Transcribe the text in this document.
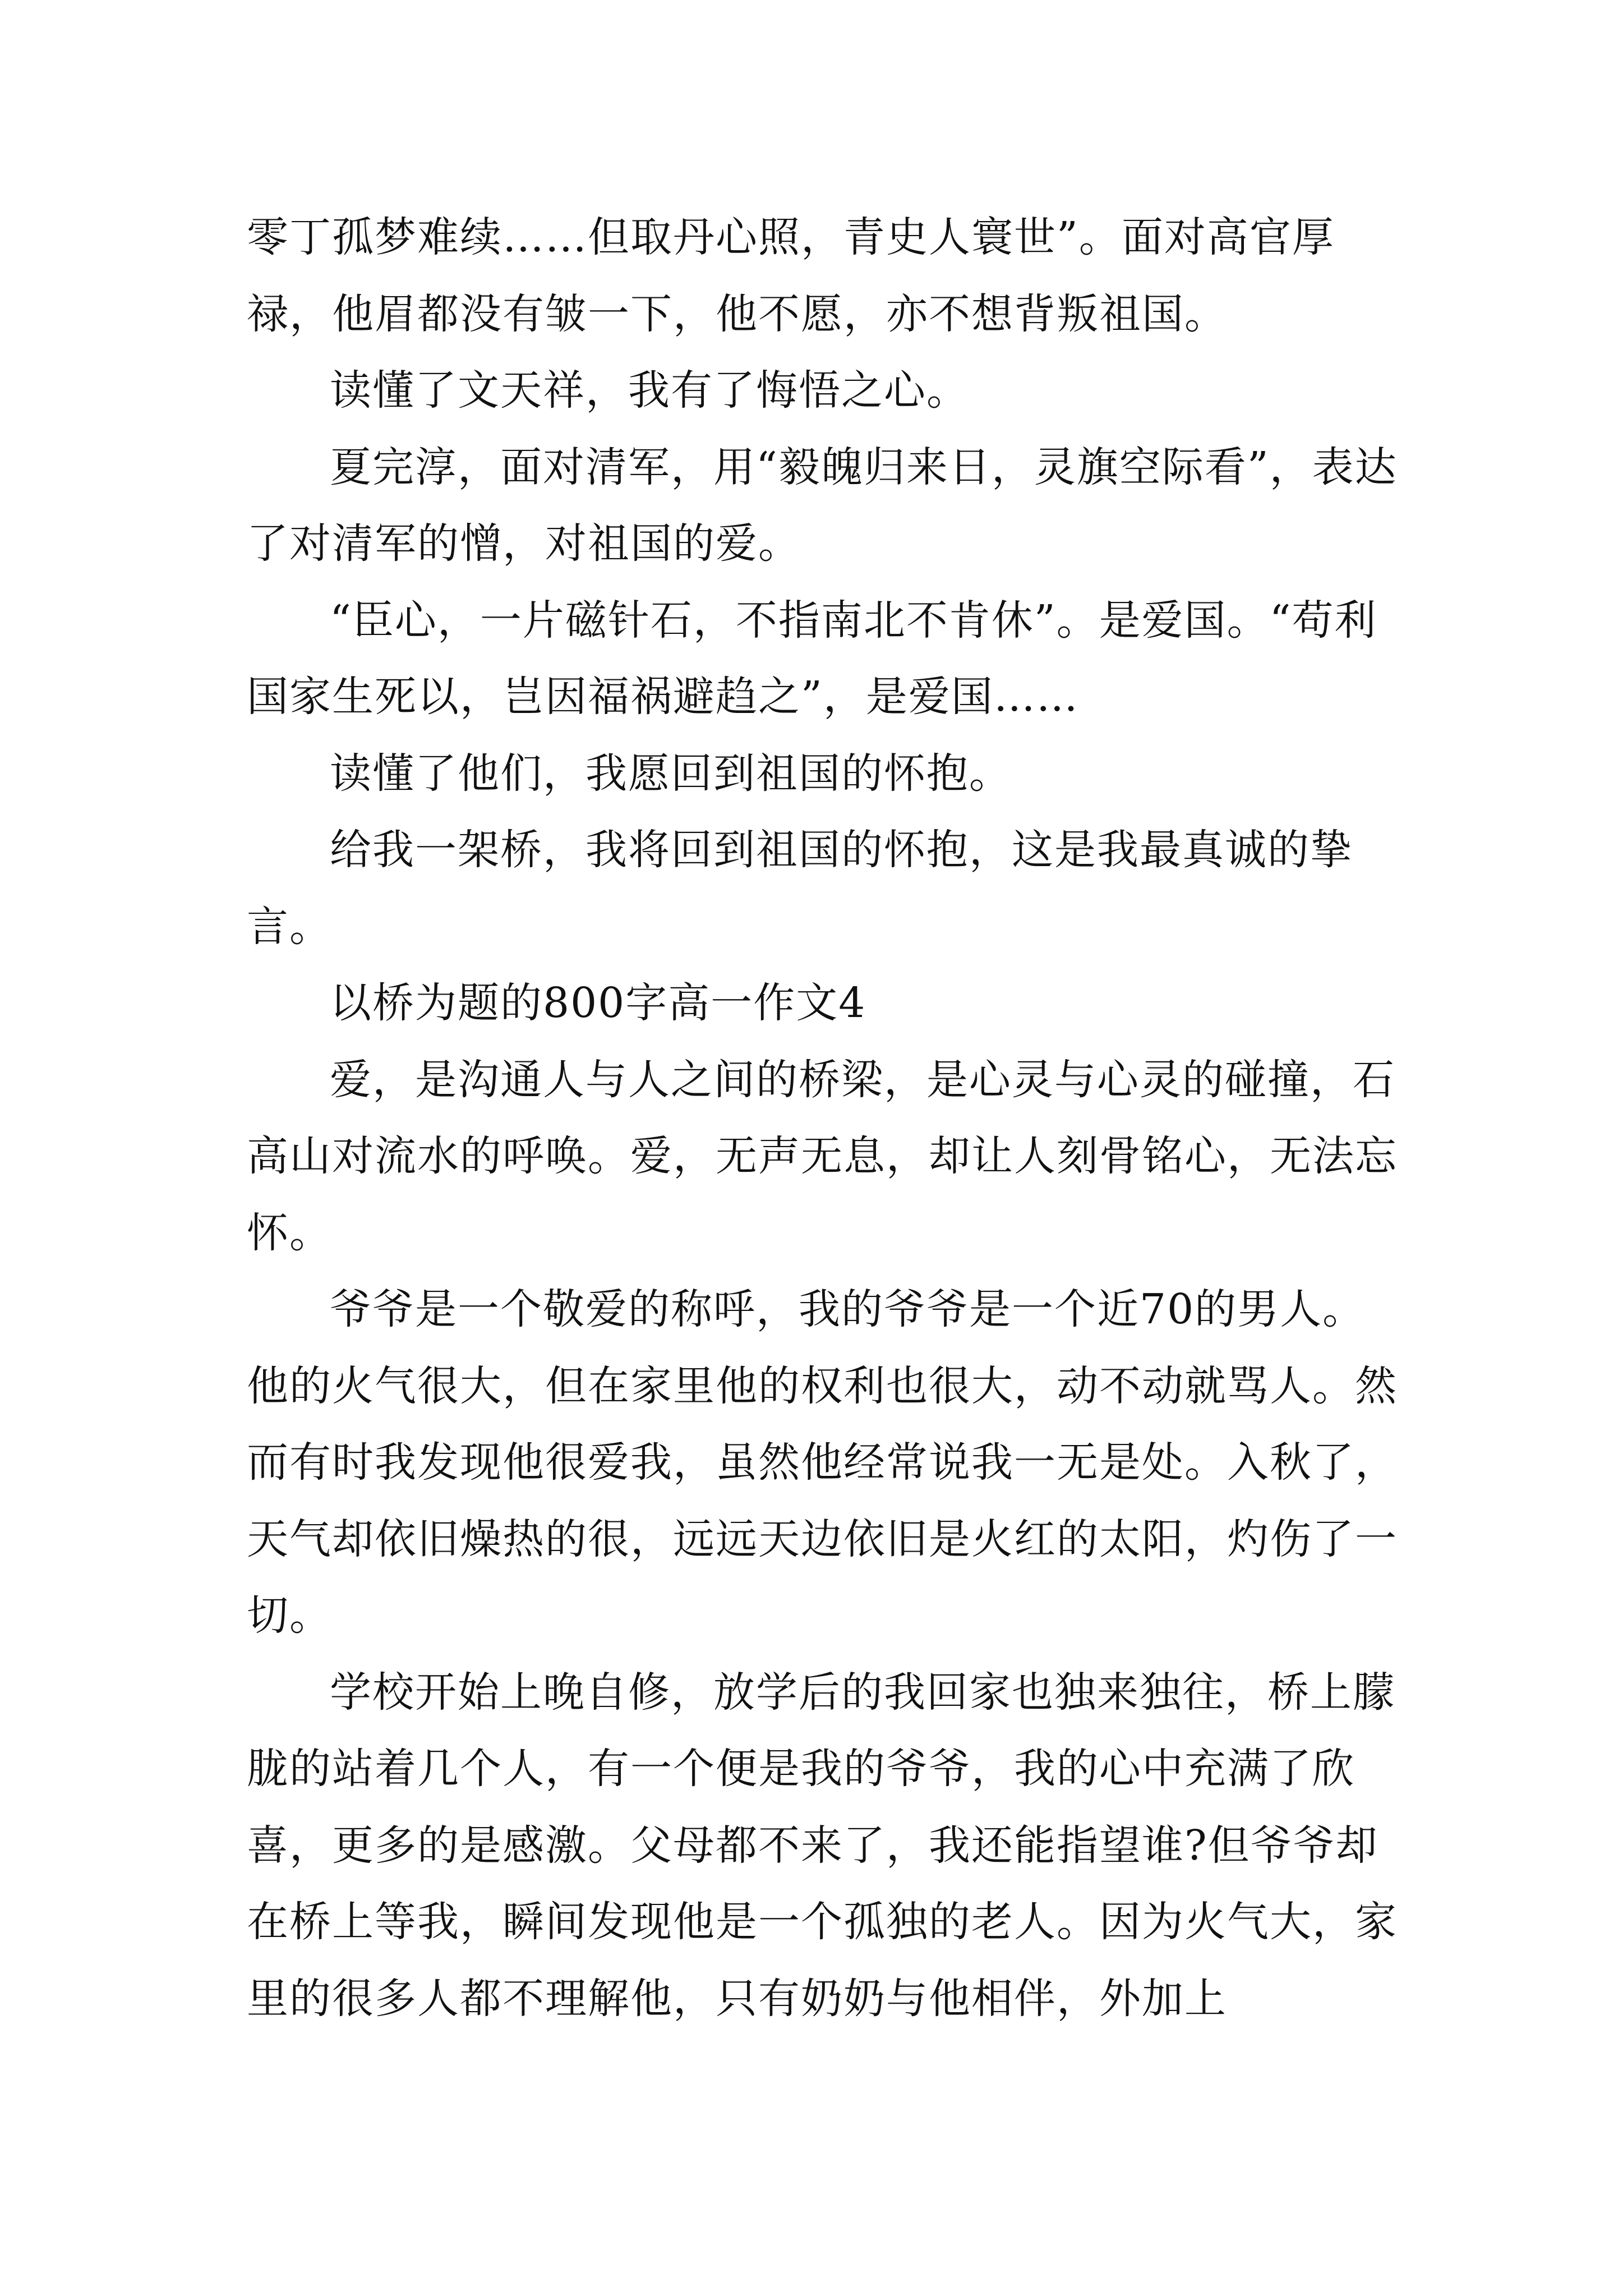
零丁孤梦难续……但取丹心照，青史人寰世”。面对高官厚禄，他眉都没有皱一下，他不愿，亦不想背叛祖国。

读懂了文天祥，我有了悔悟之心。

夏完淳，面对清军，用“毅魄归来日，灵旗空际看”，表达了对清军的憎，对祖国的爱。

“臣心，一片磁针石，不指南北不肯休”。是爱国。“苟利国家生死以，岂因福祸避趋之”，是爱国……

读懂了他们，我愿回到祖国的怀抱。

给我一架桥，我将回到祖国的怀抱，这是我最真诚的挚言。

以桥为题的800字高一作文4

爱，是沟通人与人之间的桥梁，是心灵与心灵的碰撞，石高山对流水的呼唤。爱，无声无息，却让人刻骨铭心，无法忘怀。

爷爷是一个敬爱的称呼，我的爷爷是一个近70的男人。他的火气很大，但在家里他的权利也很大，动不动就骂人。然而有时我发现他很爱我，虽然他经常说我一无是处。入秋了，天气却依旧燥热的很，远远天边依旧是火红的太阳，灼伤了一切。

学校开始上晚自修，放学后的我回家也独来独往，桥上朦胧的站着几个人，有一个便是我的爷爷，我的心中充满了欣喜，更多的是感激。父母都不来了，我还能指望谁?但爷爷却在桥上等我，瞬间发现他是一个孤独的老人。因为火气大，家里的很多人都不理解他，只有奶奶与他相伴，外加上
